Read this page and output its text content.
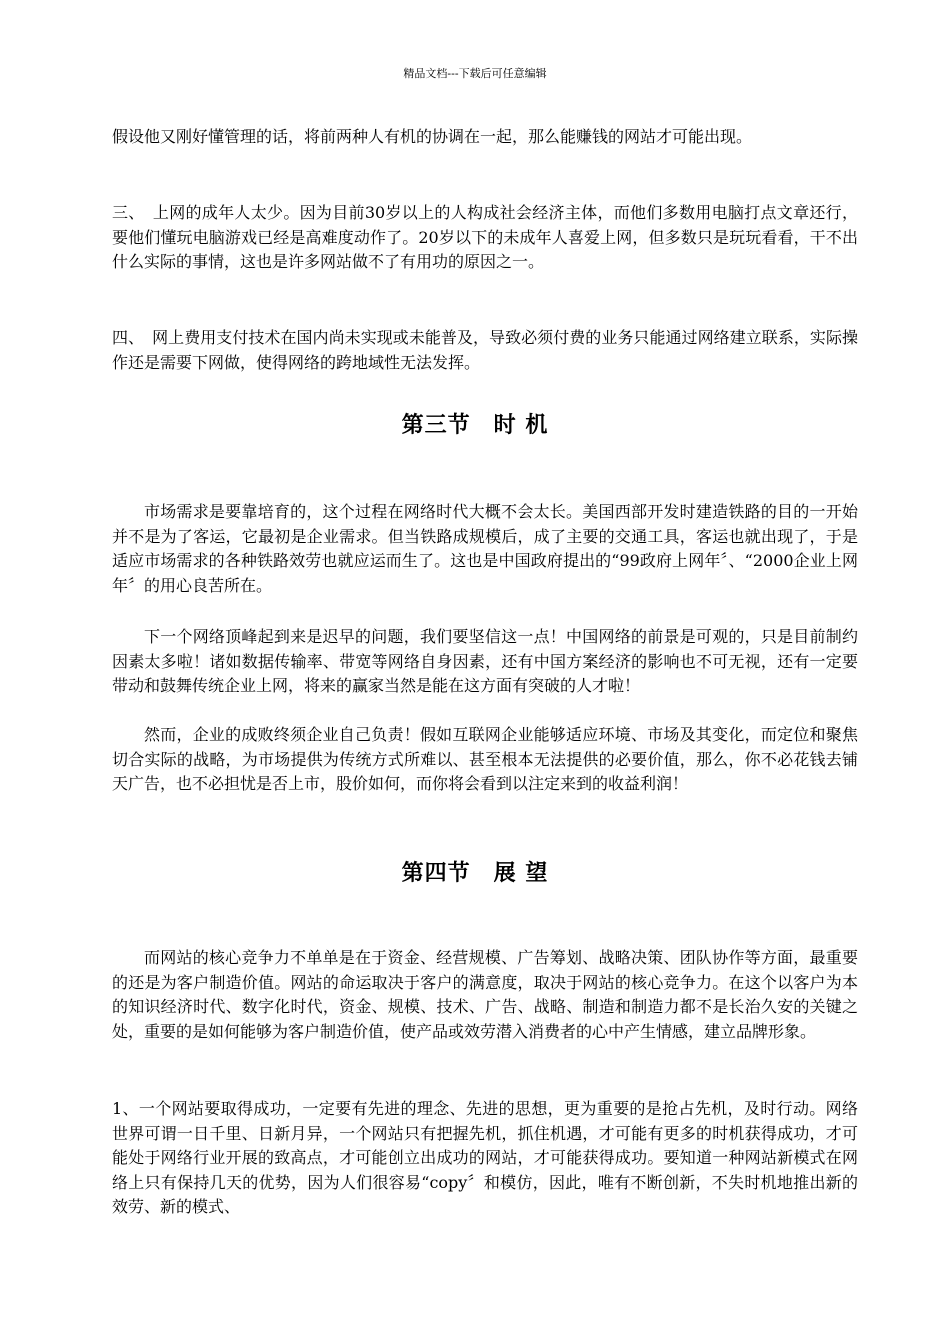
精品文档---下载后可任意编辑

假设他又刚好懂管理的话，将前两种人有机的协调在一起，那么能赚钱的网站才可能出现。

三、　上网的成年人太少。因为目前30岁以上的人构成社会经济主体，而他们多数用电脑打点文章还行，要他们懂玩电脑游戏已经是高难度动作了。20岁以下的未成年人喜爱上网，但多数只是玩玩看看，干不出什么实际的事情，这也是许多网站做不了有用功的原因之一。

四、　网上费用支付技术在国内尚未实现或未能普及，导致必须付费的业务只能通过网络建立联系，实际操作还是需要下网做，使得网络的跨地域性无法发挥。

第三节　时 机

市场需求是要靠培育的，这个过程在网络时代大概不会太长。美国西部开发时建造铁路的目的一开始并不是为了客运，它最初是企业需求。但当铁路成规模后，成了主要的交通工具，客运也就出现了，于是适应市场需求的各种铁路效劳也就应运而生了。这也是中国政府提出的“99政府上网年〞、“2000企业上网年〞的用心良苦所在。

下一个网络顶峰起到来是迟早的问题，我们要坚信这一点！中国网络的前景是可观的，只是目前制约因素太多啦！诸如数据传输率、带宽等网络自身因素，还有中国方案经济的影响也不可无视，还有一定要带动和鼓舞传统企业上网，将来的赢家当然是能在这方面有突破的人才啦！

然而，企业的成败终须企业自己负责！假如互联网企业能够适应环境、市场及其变化，而定位和聚焦切合实际的战略，为市场提供为传统方式所难以、甚至根本无法提供的必要价值，那么，你不必花钱去铺天广告，也不必担忧是否上市，股价如何，而你将会看到以注定来到的收益利润！

第四节　展 望

而网站的核心竞争力不单单是在于资金、经营规模、广告筹划、战略决策、团队协作等方面，最重要的还是为客户制造价值。网站的命运取决于客户的满意度，取决于网站的核心竞争力。在这个以客户为本的知识经济时代、数字化时代，资金、规模、技术、广告、战略、制造和制造力都不是长治久安的关键之处，重要的是如何能够为客户制造价值，使产品或效劳潜入消费者的心中产生情感，建立品牌形象。

1、一个网站要取得成功，一定要有先进的理念、先进的思想，更为重要的是抢占先机，及时行动。网络世界可谓一日千里、日新月异，一个网站只有把握先机，抓住机遇，才可能有更多的时机获得成功，才可能处于网络行业开展的致高点，才可能创立出成功的网站，才可能获得成功。要知道一种网站新模式在网络上只有保持几天的优势，因为人们很容易“copy〞和模仿，因此，唯有不断创新，不失时机地推出新的效劳、新的模式、
